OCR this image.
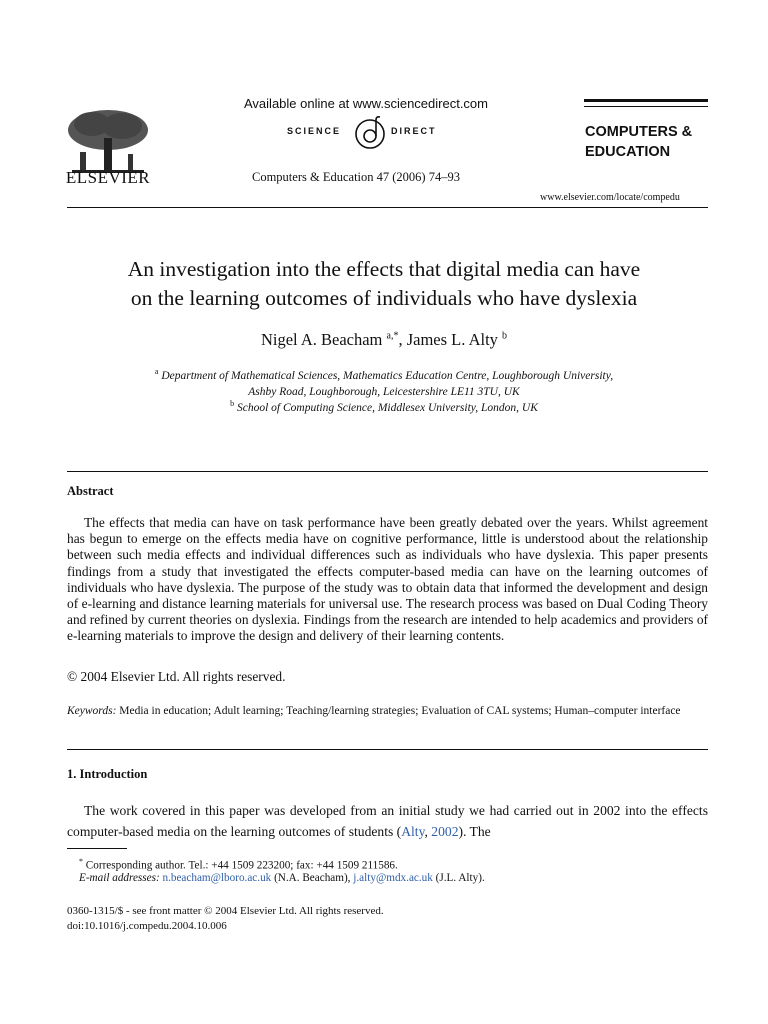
ELSEVIER
Available online at www.sciencedirect.com
SCIENCE	DIRECT
Computers & Education 47 (2006) 74–93
COMPUTERS &
EDUCATION
www.elsevier.com/locate/compedu
An investigation into the effects that digital media can have
on the learning outcomes of individuals who have dyslexia
Nigel A. Beacham $^{a,*}$, James L. Alty $^b$
$^a$ Department of Mathematical Sciences, Mathematics Education Centre, Loughborough University,
Ashby Road, Loughborough, Leicestershire LE11 3TU, UK
$^b$ School of Computing Science, Middlesex University, London, UK
Abstract
The effects that media can have on task performance have been greatly debated over the years. Whilst agreement has begun to emerge on the effects media have on cognitive performance, little is understood about the relationship between such media effects and individual differences such as individuals who have dyslexia. This paper presents findings from a study that investigated the effects computer-based media can have on the learning outcomes of individuals who have dyslexia. The purpose of the study was to obtain data that informed the development and design of e-learning and distance learning materials for universal use. The research process was based on Dual Coding Theory and refined by current theories on dyslexia. Findings from the research are intended to help academics and providers of e-learning materials to improve the design and delivery of their learning contents.
© 2004 Elsevier Ltd. All rights reserved.
Keywords: Media in education; Adult learning; Teaching/learning strategies; Evaluation of CAL systems; Human–computer interface
1. Introduction
The work covered in this paper was developed from an initial study we had carried out in 2002 into the effects computer-based media on the learning outcomes of students (Alty, 2002). The
* Corresponding author. Tel.: +44 1509 223200; fax: +44 1509 211586.
E-mail addresses: n.beacham@lboro.ac.uk (N.A. Beacham), j.alty@mdx.ac.uk (J.L. Alty).
0360-1315/$ - see front matter © 2004 Elsevier Ltd. All rights reserved.
doi:10.1016/j.compedu.2004.10.006
